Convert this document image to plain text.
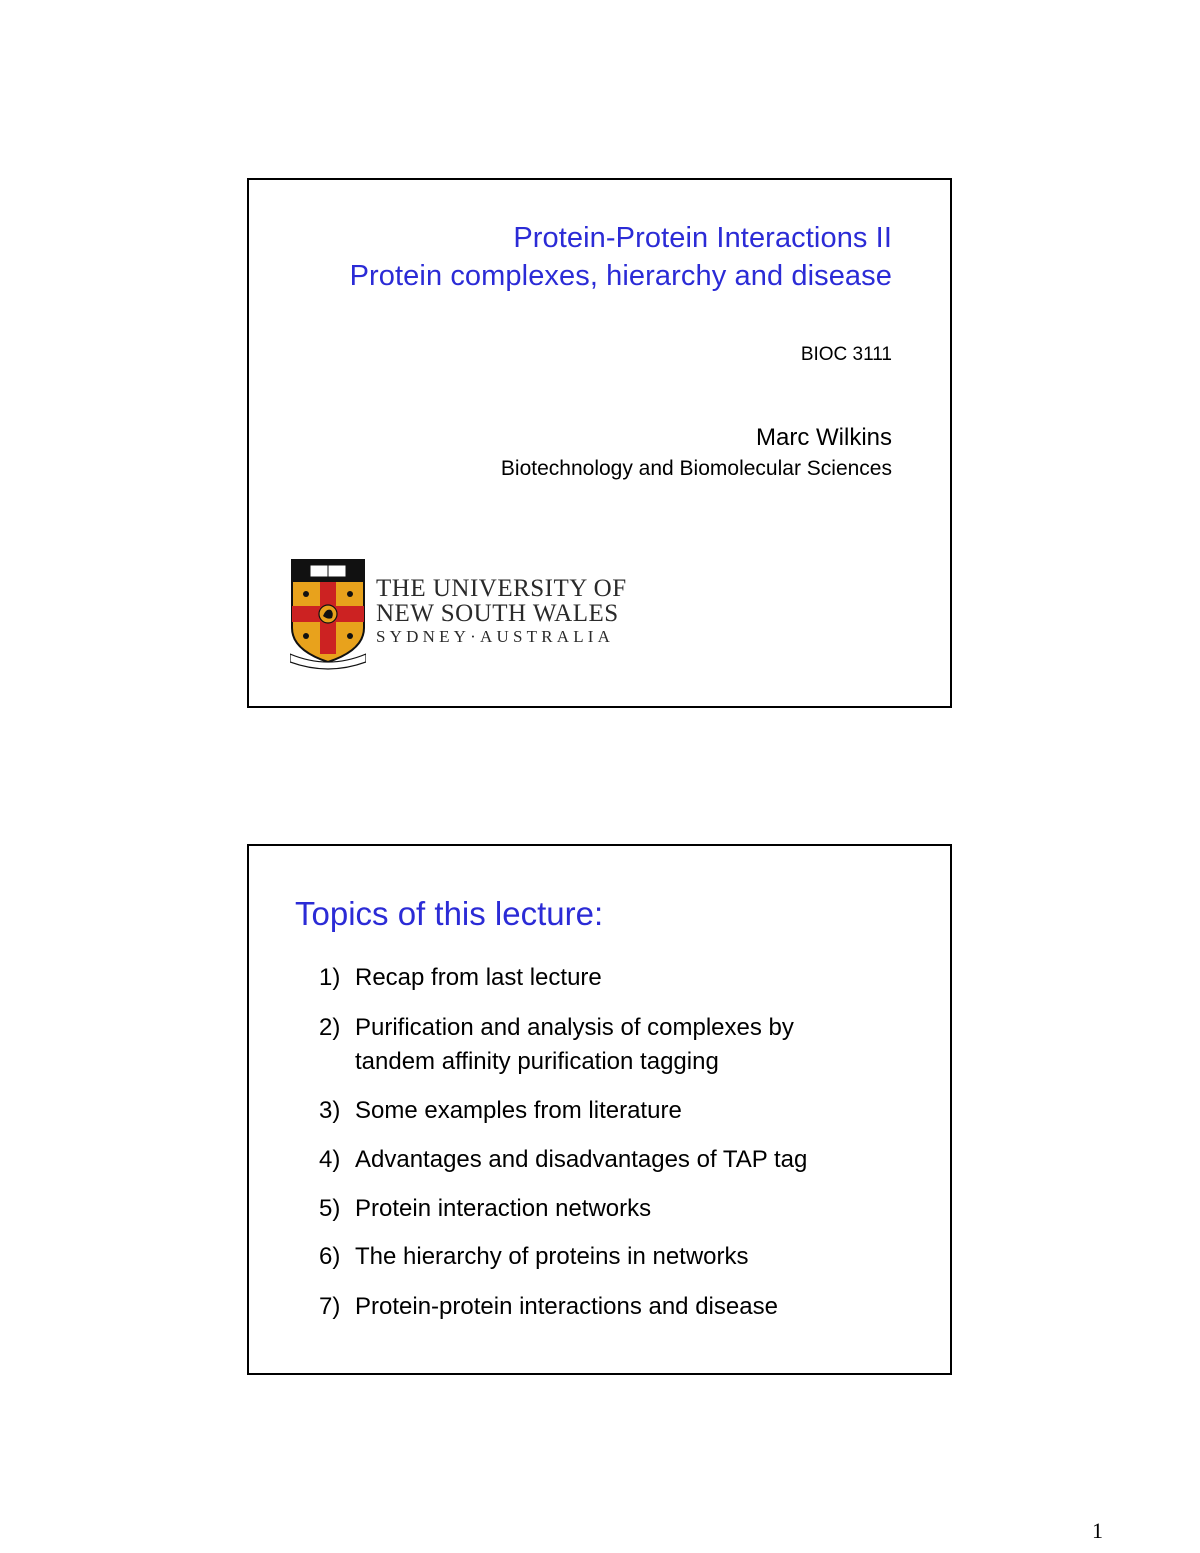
Protein-Protein Interactions II
Protein complexes, hierarchy and disease
BIOC 3111
Marc Wilkins
Biotechnology and Biomolecular Sciences
THE UNIVERSITY OF
NEW SOUTH WALES
SYDNEY·AUSTRALIA
Topics of this lecture:
1) Recap from last lecture
2) Purification and analysis of complexes by
tandem affinity purification tagging
3) Some examples from literature
4) Advantages and disadvantages of TAP tag
5) Protein interaction networks
6) The hierarchy of proteins in networks
7) Protein-protein interactions and disease
1
